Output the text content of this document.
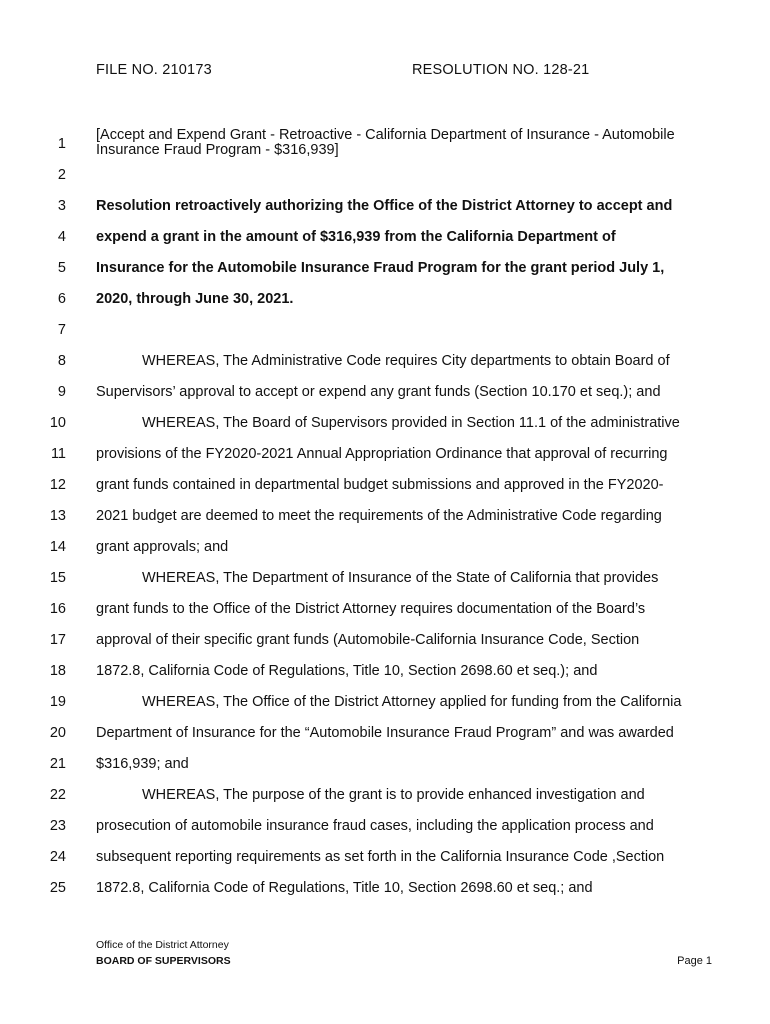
FILE NO. 210173	RESOLUTION NO. 128-21
[Accept and Expend Grant - Retroactive - California Department of Insurance - Automobile Insurance Fraud Program - $316,939]
1
2
3 Resolution retroactively authorizing the Office of the District Attorney to accept and
4 expend a grant in the amount of $316,939 from the California Department of
5 Insurance for the Automobile Insurance Fraud Program for the grant period July 1,
6 2020, through June 30, 2021.
7
8	WHEREAS, The Administrative Code requires City departments to obtain Board of
9 Supervisors’ approval to accept or expend any grant funds (Section 10.170 et seq.); and
10	WHEREAS, The Board of Supervisors provided in Section 11.1 of the administrative
11 provisions of the FY2020-2021 Annual Appropriation Ordinance that approval of recurring
12 grant funds contained in departmental budget submissions and approved in the FY2020-
13 2021 budget are deemed to meet the requirements of the Administrative Code regarding
14 grant approvals; and
15	WHEREAS, The Department of Insurance of the State of California that provides
16 grant funds to the Office of the District Attorney requires documentation of the Board’s
17 approval of their specific grant funds (Automobile-California Insurance Code, Section
18 1872.8, California Code of Regulations, Title 10, Section 2698.60 et seq.); and
19	WHEREAS, The Office of the District Attorney applied for funding from the California
20 Department of Insurance for the “Automobile Insurance Fraud Program” and was awarded
21 $316,939; and
22	WHEREAS, The purpose of the grant is to provide enhanced investigation and
23 prosecution of automobile insurance fraud cases, including the application process and
24 subsequent reporting requirements as set forth in the California Insurance Code ,Section
25 1872.8, California Code of Regulations, Title 10, Section 2698.60 et seq.; and
Office of the District Attorney
BOARD OF SUPERVISORS	Page 1
